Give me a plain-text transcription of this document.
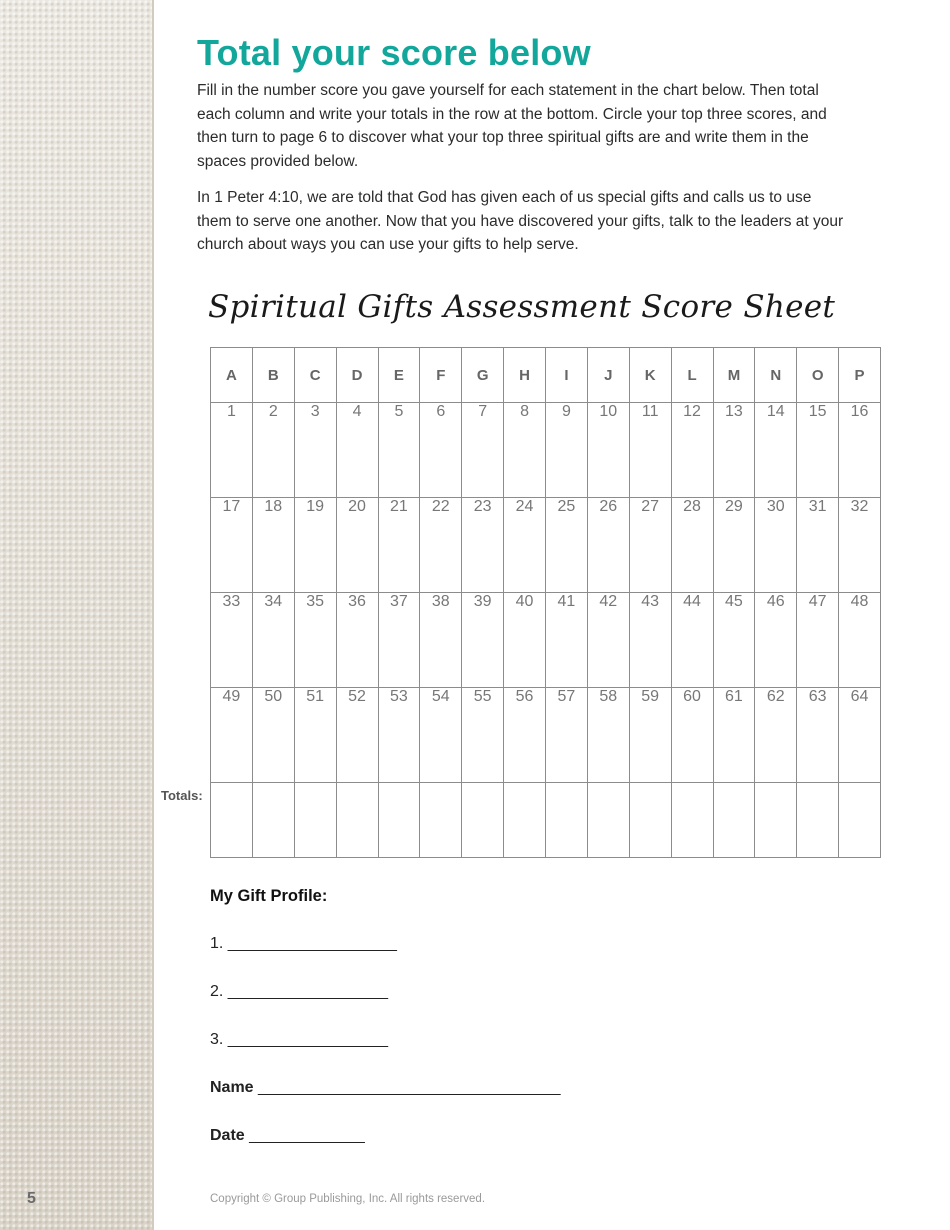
5
Total your score below

Fill in the number score you gave yourself for each statement in the chart below. Then total each column and write your totals in the row at the bottom. Circle your top three scores, and then turn to page 6 to discover what your top three spiritual gifts are and write them in the spaces provided below.

In 1 Peter 4:10, we are told that God has given each of us special gifts and calls us to use them to serve one another. Now that you have discovered your gifts, talk to the leaders at your church about ways you can use your gifts to help serve.

Spiritual Gifts Assessment Score Sheet
A	B	C	D	E	F	G	H	I	J	K	L	M	N	O	P
1	2	3	4	5	6	7	8	9	10	11	12	13	14	15	16
17	18	19	20	21	22	23	24	25	26	27	28	29	30	31	32
33	34	35	36	37	38	39	40	41	42	43	44	45	46	47	48
49	50	51	52	53	54	55	56	57	58	59	60	61	62	63	64

Totals:
My Gift Profile:
1. ___________________
2. __________________
3. __________________
Name __________________________________
Date _____________
Copyright © Group Publishing, Inc. All rights reserved.
